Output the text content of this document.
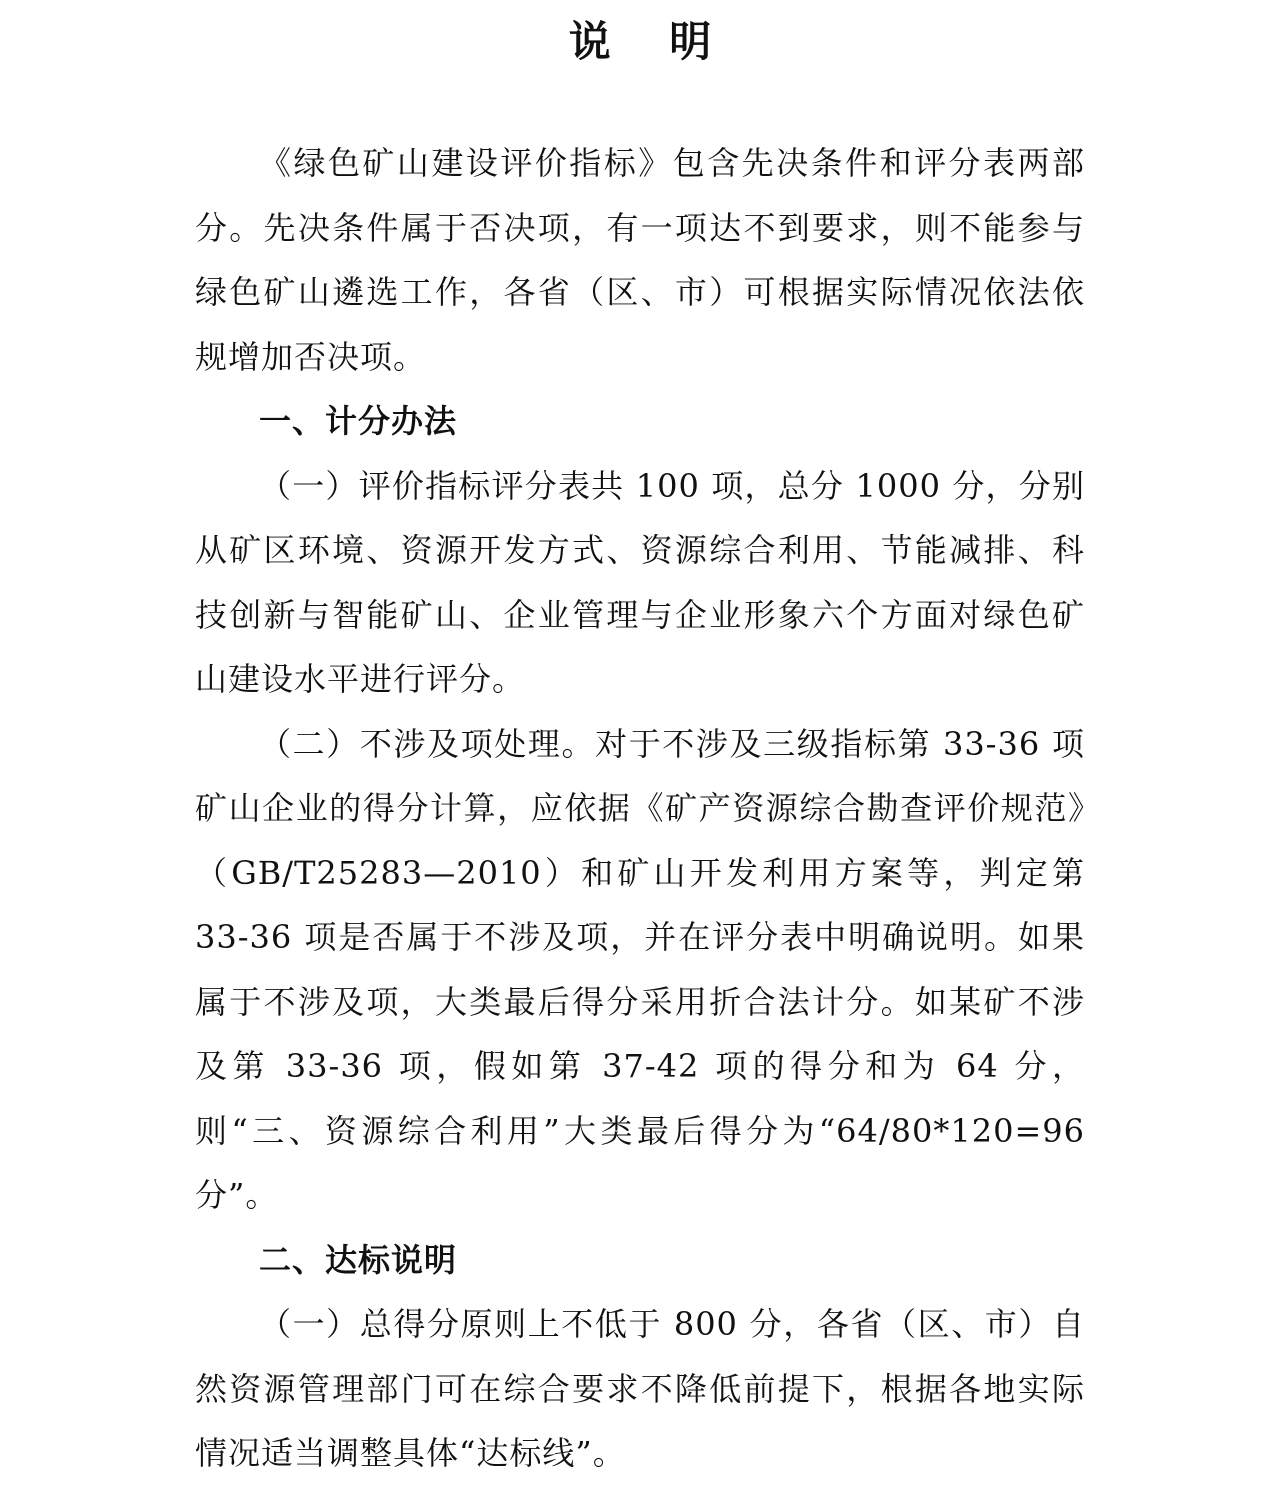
说 明

《绿色矿山建设评价指标》包含先决条件和评分表两部分。先决条件属于否决项，有一项达不到要求，则不能参与绿色矿山遴选工作，各省（区、市）可根据实际情况依法依规增加否决项。

一、计分办法

（一）评价指标评分表共 100 项，总分 1000 分，分别从矿区环境、资源开发方式、资源综合利用、节能减排、科技创新与智能矿山、企业管理与企业形象六个方面对绿色矿山建设水平进行评分。

（二）不涉及项处理。对于不涉及三级指标第 33-36 项矿山企业的得分计算，应依据《矿产资源综合勘查评价规范》（GB/T25283—2010）和矿山开发利用方案等，判定第 33-36 项是否属于不涉及项，并在评分表中明确说明。如果属于不涉及项，大类最后得分采用折合法计分。如某矿不涉及第 33-36 项，假如第 37-42 项的得分和为 64 分，则“三、资源综合利用”大类最后得分为“64/80*120=96 分”。

二、达标说明

（一）总得分原则上不低于 800 分，各省（区、市）自然资源管理部门可在综合要求不降低前提下，根据各地实际情况适当调整具体“达标线”。
